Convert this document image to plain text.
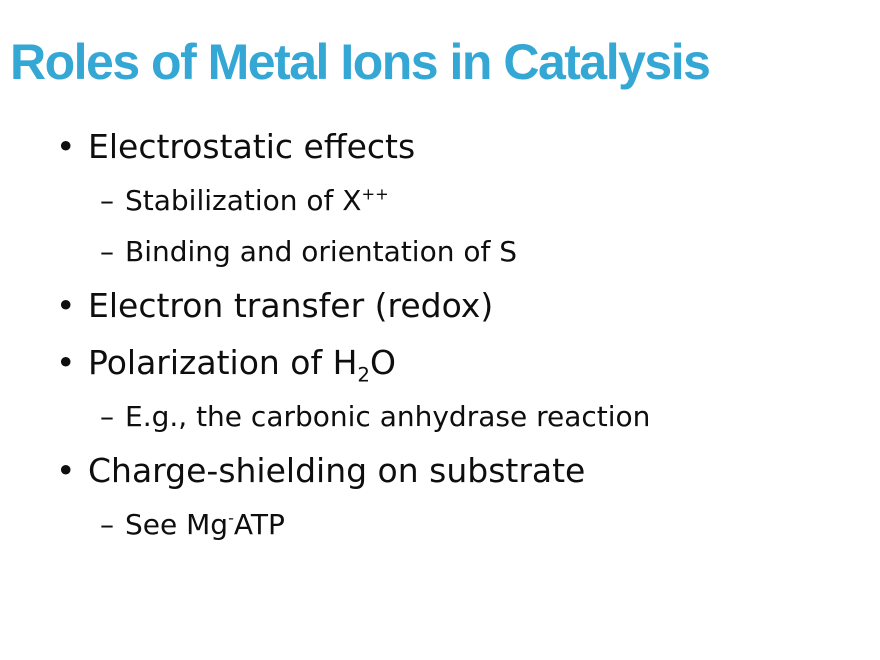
Roles of Metal Ions in Catalysis
• Electrostatic effects
– Stabilization of X++
– Binding and orientation of S
• Electron transfer (redox)
• Polarization of $H_2O$
– E.g., the carbonic anhydrase reaction
• Charge-shielding on substrate
– See Mg-ATP
